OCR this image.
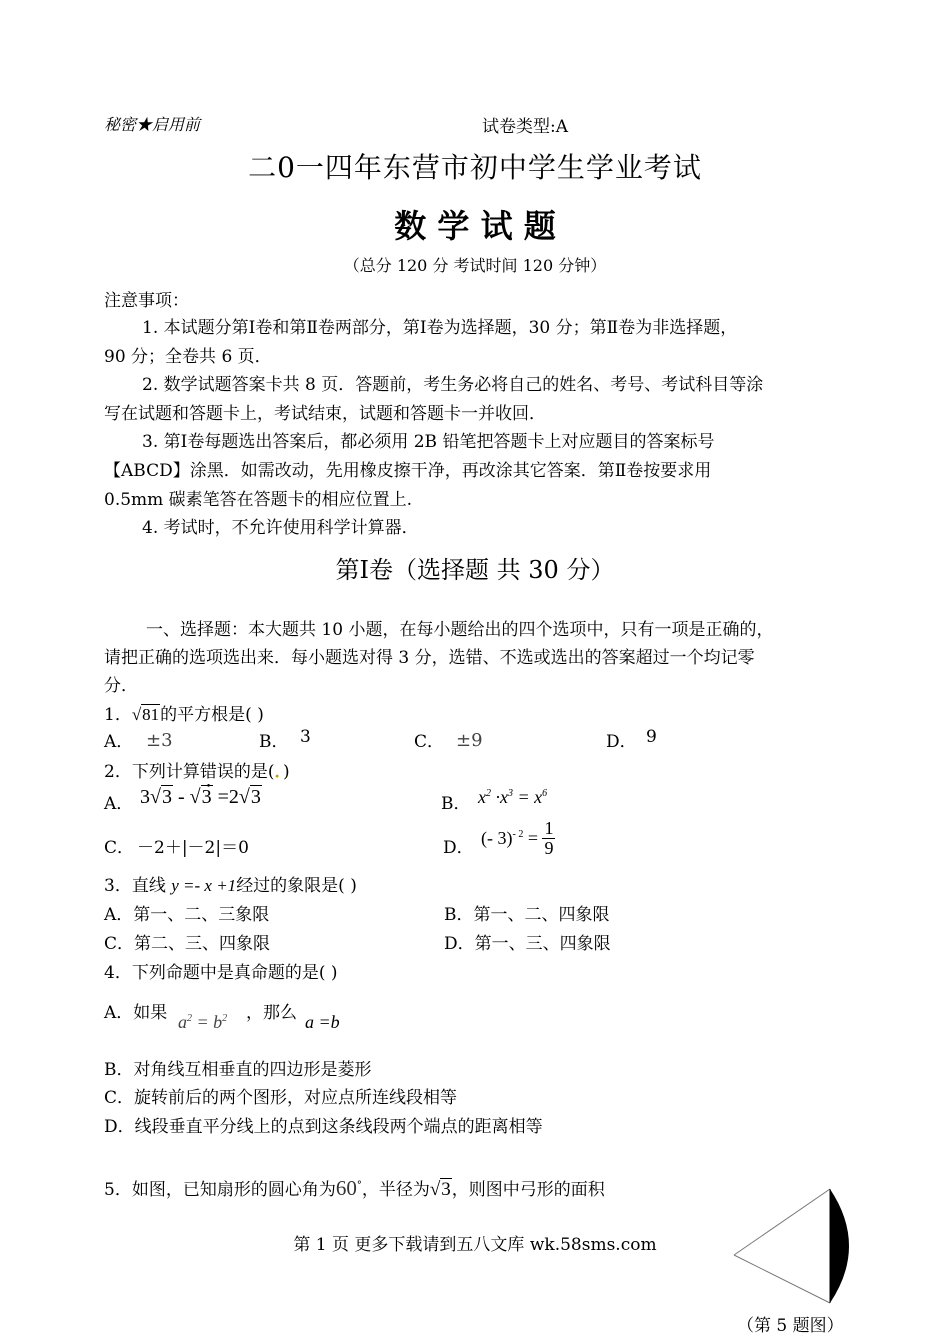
秘密★启用前	试卷类型:A
二0一四年东营市初中学生学业考试
数 学 试 题
（总分 120 分 考试时间 120 分钟）
注意事项：
1. 本试题分第Ⅰ卷和第Ⅱ卷两部分，第Ⅰ卷为选择题，30 分；第Ⅱ卷为非选择题，
90 分；全卷共 6 页．
2. 数学试题答案卡共 8 页．答题前，考生务必将自己的姓名、考号、考试科目等涂
写在试题和答题卡上，考试结束，试题和答题卡一并收回．
3. 第Ⅰ卷每题选出答案后，都必须用 2B 铅笔把答题卡上对应题目的答案标号
【ABCD】涂黑．如需改动，先用橡皮擦干净，再改涂其它答案．第Ⅱ卷按要求用
0.5mm 碳素笔答在答题卡的相应位置上.
4. 考试时，不允许使用科学计算器．
第Ⅰ卷（选择题 共 30 分）
一、选择题：本大题共 10 小题，在每小题给出的四个选项中，只有一项是正确的，
请把正确的选项选出来．每小题选对得 3 分，选错、不选或选出的答案超过一个均记零
分．
1．√81的平方根是( )
A． ±3	B． 3	C． ±9	D． 9
2．下列计算错误的是(．)
A． 3√3 - √3 =2√3	B． $x^2 \cdot x^3 = x^6$
C． －2＋|－2|＝0	D． (- $3)^{- 2} = \frac{1}{9}$
3．直线 y =- x +1经过的象限是( )
A．第一、二、三象限	B．第一、二、四象限
C．第二、三、四象限	D．第一、三、四象限
4．下列命题中是真命题的是( )
A．如果 $a^2 = b^2$ ，那么 a =b
B．对角线互相垂直的四边形是菱形
C．旋转前后的两个图形，对应点所连线段相等
D．线段垂直平分线上的点到这条线段两个端点的距离相等
5．如图，已知扇形的圆心角为60°，半径为√3，则图中弓形的面积
第 1 页 更多下载请到五八文库 wk.58sms.com
（第 5 题图）
